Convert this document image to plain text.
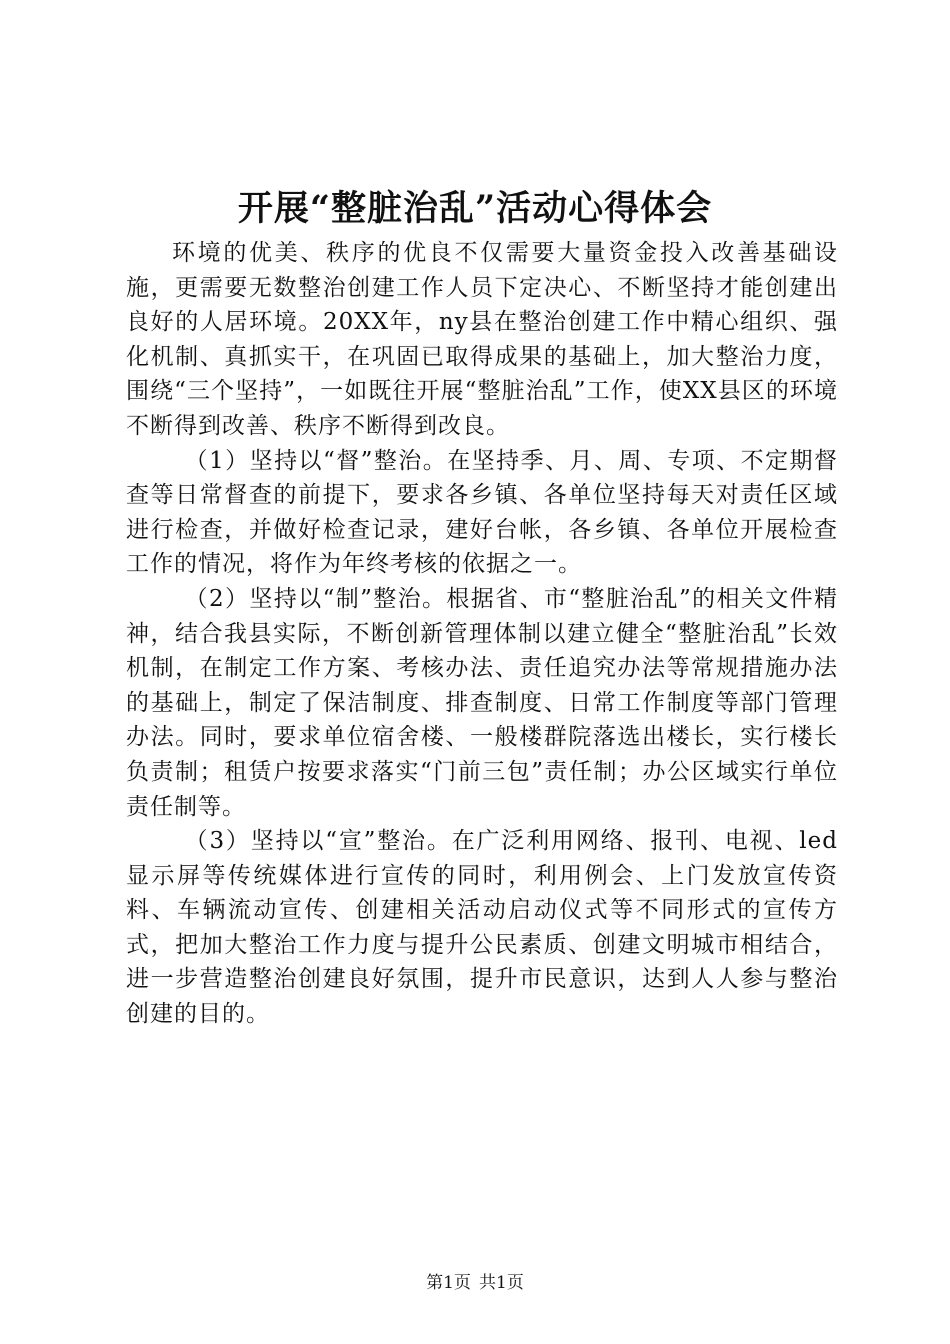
开展“整脏治乱”活动心得体会

环境的优美、秩序的优良不仅需要大量资金投入改善基础设施，更需要无数整治创建工作人员下定决心、不断坚持才能创建出良好的人居环境。20XX年，ny县在整治创建工作中精心组织、强化机制、真抓实干，在巩固已取得成果的基础上，加大整治力度，围绕“三个坚持”，一如既往开展“整脏治乱”工作，使XX县区的环境不断得到改善、秩序不断得到改良。

（1）坚持以“督”整治。在坚持季、月、周、专项、不定期督查等日常督查的前提下，要求各乡镇、各单位坚持每天对责任区域进行检查，并做好检查记录，建好台帐，各乡镇、各单位开展检查工作的情况，将作为年终考核的依据之一。

（2）坚持以“制”整治。根据省、市“整脏治乱”的相关文件精神，结合我县实际，不断创新管理体制以建立健全“整脏治乱”长效机制，在制定工作方案、考核办法、责任追究办法等常规措施办法的基础上，制定了保洁制度、排查制度、日常工作制度等部门管理办法。同时，要求单位宿舍楼、一般楼群院落选出楼长，实行楼长负责制；租赁户按要求落实“门前三包”责任制；办公区域实行单位责任制等。

（3）坚持以“宣”整治。在广泛利用网络、报刊、电视、led显示屏等传统媒体进行宣传的同时，利用例会、上门发放宣传资料、车辆流动宣传、创建相关活动启动仪式等不同形式的宣传方式，把加大整治工作力度与提升公民素质、创建文明城市相结合，进一步营造整治创建良好氛围，提升市民意识，达到人人参与整治创建的目的。

第1页 共1页
